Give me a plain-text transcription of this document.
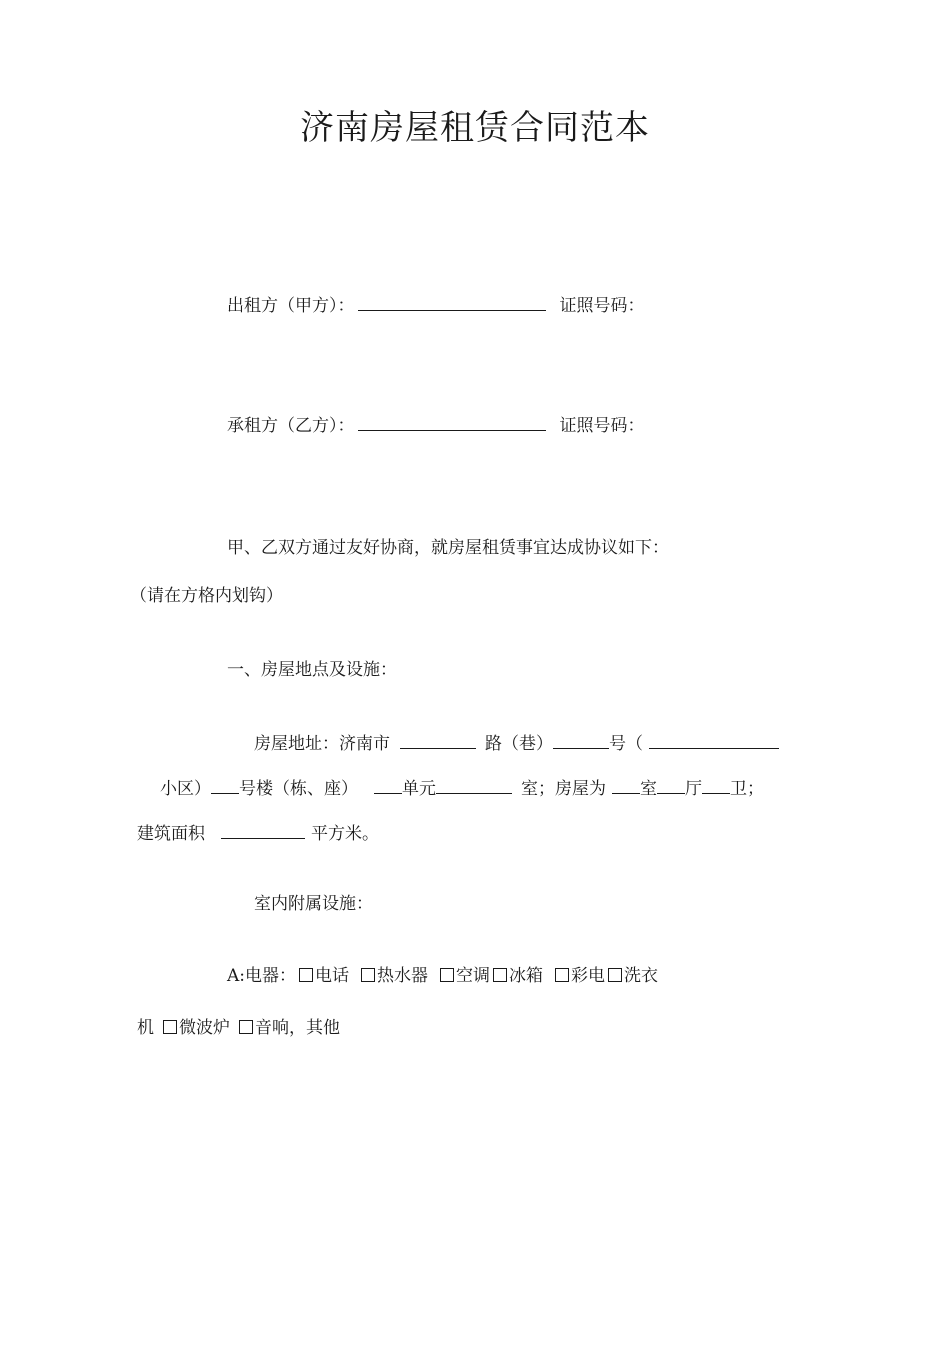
济南房屋租赁合同范本
出租方（甲方）：	证照号码：
承租方（乙方）：	证照号码：
甲、乙双方通过友好协商，就房屋租赁事宜达成协议如下：
（请在方格内划钩）
一、房屋地点及设施：
房屋地址：济南市	路（巷）	号（
小区） 号楼（栋、座）	单元	室；房屋为 室 厅 卫；
建筑面积	平方米。
室内附属设施：
A:电器： 电话 热水器 空调 冰箱 彩电 洗衣
机 微波炉 音响，其他
